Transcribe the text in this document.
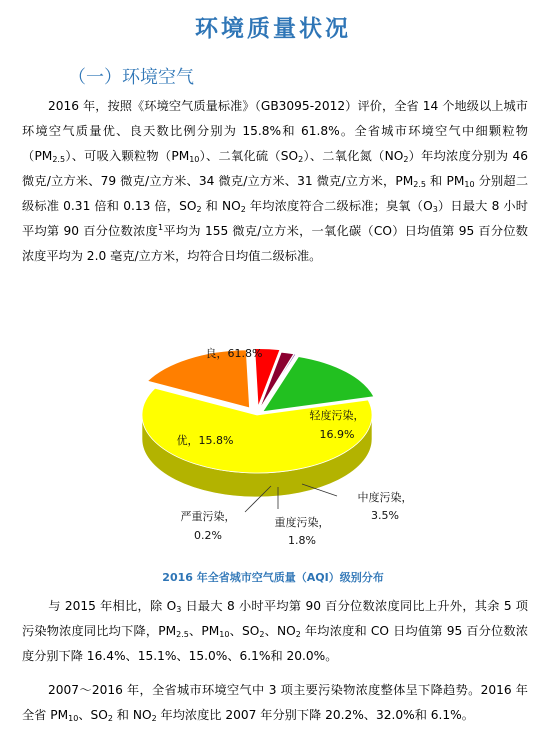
环境质量状况
（一）环境空气
2016 年，按照《环境空气质量标准》（GB3095-2012）评价，全省 14 个地级以上城市环境空气质量优、良天数比例分别为 15.8%和 61.8%。全省城市环境空气中细颗粒物$(PM_{2.5})$、可吸入颗粒物$(PM_{10})$、二氧化硫$(SO_2)$、二氧化氮$(NO_2)$年均浓度分别为 46 微克/立方米、79 微克/立方米、34 微克/立方米、31 微克/立方米，$PM_{2.5}$ 和 $PM_{10}$ 分别超二级标准 0.31 倍和 0.13 倍，$SO_2$ 和 $NO_2$ 年均浓度符合二级标准；臭氧$(O_3)$日最大 8 小时平均第 90 百分位数浓度$^1$平均为 155 微克/立方米，一氧化碳（CO）日均值第 95 百分位数浓度平均为 2.0 毫克/立方米，均符合日均值二级标准。
良，61.8%
轻度污染，
16.9%
优，15.8%
中度污染，
3.5%
重度污染，
1.8%
严重污染，
0.2%
2016 年全省城市空气质量（AQI）级别分布
与 2015 年相比，除 $O_3$ 日最大 8 小时平均第 90 百分位数浓度同比上升外，其余 5 项污染物浓度同比均下降，$PM_{2.5}$、$PM_{10}$、$SO_2$、$NO_2$ 年均浓度和 CO 日均值第 95 百分位数浓度分别下降 16.4%、15.1%、15.0%、6.1%和 20.0%。
2007～2016 年，全省城市环境空气中 3 项主要污染物浓度整体呈下降趋势。2016 年全省 $PM_{10}$、$SO_2$ 和 $NO_2$ 年均浓度比 2007 年分别下降 20.2%、32.0%和 6.1%。
